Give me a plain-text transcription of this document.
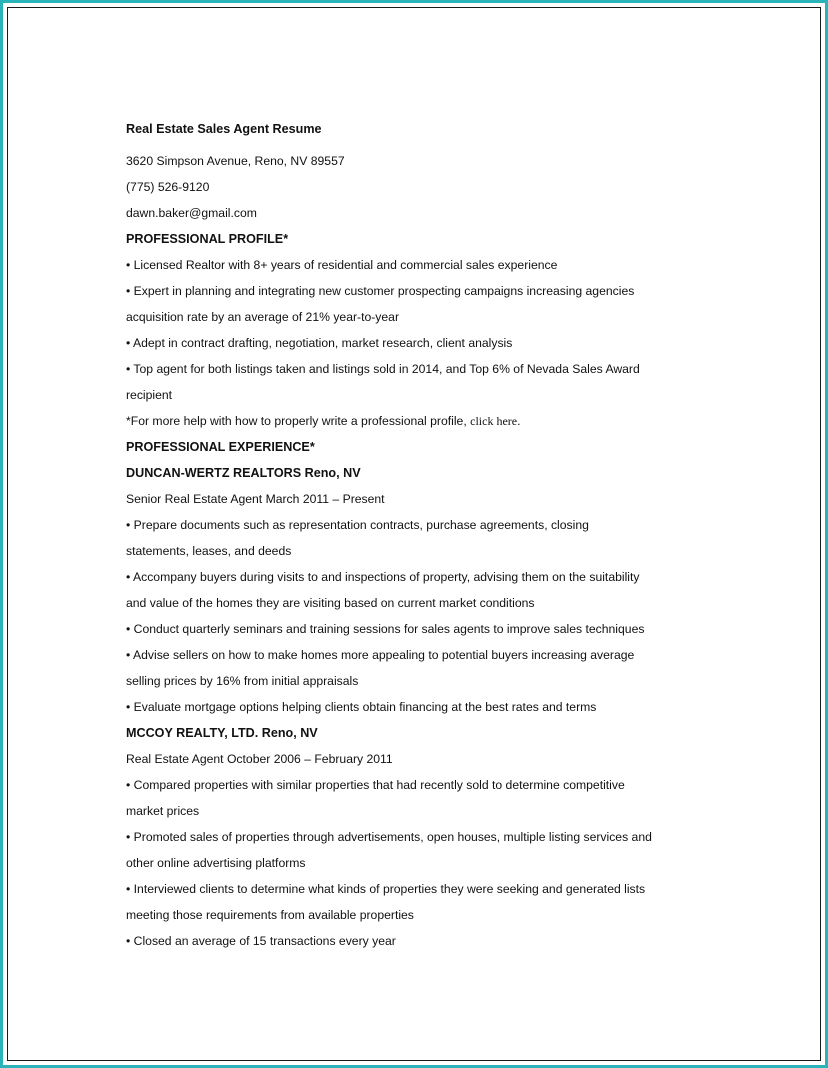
Real Estate Sales Agent Resume
3620 Simpson Avenue, Reno, NV 89557
(775) 526-9120
dawn.baker@gmail.com
PROFESSIONAL PROFILE*
• Licensed Realtor with 8+ years of residential and commercial sales experience
• Expert in planning and integrating new customer prospecting campaigns increasing agencies
acquisition rate by an average of 21% year-to-year
• Adept in contract drafting, negotiation, market research, client analysis
• Top agent for both listings taken and listings sold in 2014, and Top 6% of Nevada Sales Award
recipient
*For more help with how to properly write a professional profile, click here.
PROFESSIONAL EXPERIENCE*
DUNCAN-WERTZ REALTORS Reno, NV
Senior Real Estate Agent March 2011 – Present
• Prepare documents such as representation contracts, purchase agreements, closing
statements, leases, and deeds
• Accompany buyers during visits to and inspections of property, advising them on the suitability
and value of the homes they are visiting based on current market conditions
• Conduct quarterly seminars and training sessions for sales agents to improve sales techniques
• Advise sellers on how to make homes more appealing to potential buyers increasing average
selling prices by 16% from initial appraisals
• Evaluate mortgage options helping clients obtain financing at the best rates and terms
MCCOY REALTY, LTD. Reno, NV
Real Estate Agent October 2006 – February 2011
• Compared properties with similar properties that had recently sold to determine competitive
market prices
• Promoted sales of properties through advertisements, open houses, multiple listing services and
other online advertising platforms
• Interviewed clients to determine what kinds of properties they were seeking and generated lists
meeting those requirements from available properties
• Closed an average of 15 transactions every year
